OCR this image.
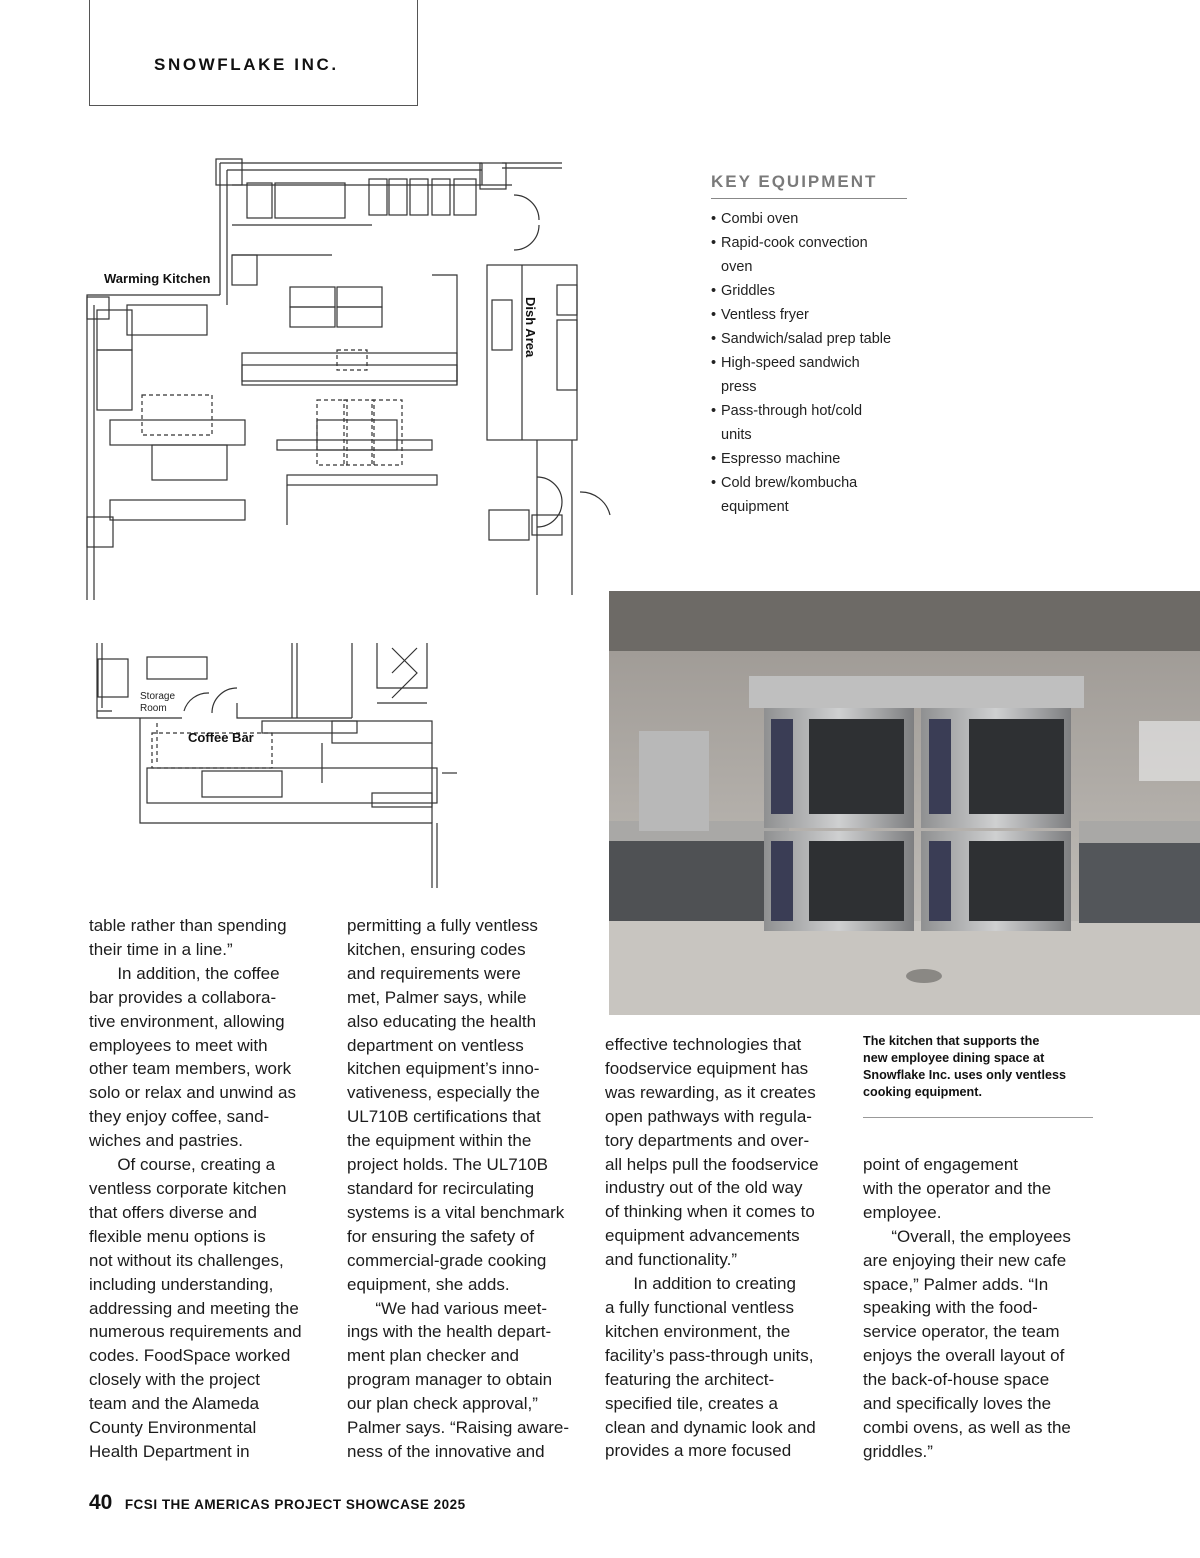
SNOWFLAKE INC.
Warming Kitchen
Dish Area
Storage
Room
Coffee Bar
KEY EQUIPMENT
• Combi oven
• Rapid-cook convection
oven
• Griddles
• Ventless fryer
• Sandwich/salad prep table
• High-speed sandwich
press
• Pass-through hot/cold
units
• Espresso machine
• Cold brew/kombucha
equipment

table rather than spending

their time in a line.”

In addition, the coffee

bar provides a collabora-

tive environment, allowing

employees to meet with

other team members, work

solo or relax and unwind as

they enjoy coffee, sand-

wiches and pastries.

Of course, creating a

ventless corporate kitchen

that offers diverse and

flexible menu options is

not without its challenges,

including understanding,

addressing and meeting the

numerous requirements and

codes. FoodSpace worked

closely with the project

team and the Alameda

County Environmental

Health Department in

permitting a fully ventless

kitchen, ensuring codes

and requirements were

met, Palmer says, while

also educating the health

department on ventless

kitchen equipment’s inno-

vativeness, especially the

UL710B certifications that

the equipment within the

project holds. The UL710B

standard for recirculating

systems is a vital benchmark

for ensuring the safety of

commercial-grade cooking

equipment, she adds.

“We had various meet-

ings with the health depart-

ment plan checker and

program manager to obtain

our plan check approval,”

Palmer says. “Raising aware-

ness of the innovative and

effective technologies that

foodservice equipment has

was rewarding, as it creates

open pathways with regula-

tory departments and over-

all helps pull the foodservice

industry out of the old way

of thinking when it comes to

equipment advancements

and functionality.”

In addition to creating

a fully functional ventless

kitchen environment, the

facility’s pass-through units,

featuring the architect-

specified tile, creates a

clean and dynamic look and

provides a more focused

point of engagement

with the operator and the

employee.

“Overall, the employees

are enjoying their new cafe

space,” Palmer adds. “In

speaking with the food-

service operator, the team

enjoys the overall layout of

the back-of-house space

and specifically loves the

combi ovens, as well as the

griddles.”

The kitchen that supports the
new employee dining space at
Snowflake Inc. uses only ventless
cooking equipment.
40 FCSI THE AMERICAS PROJECT SHOWCASE 2025
